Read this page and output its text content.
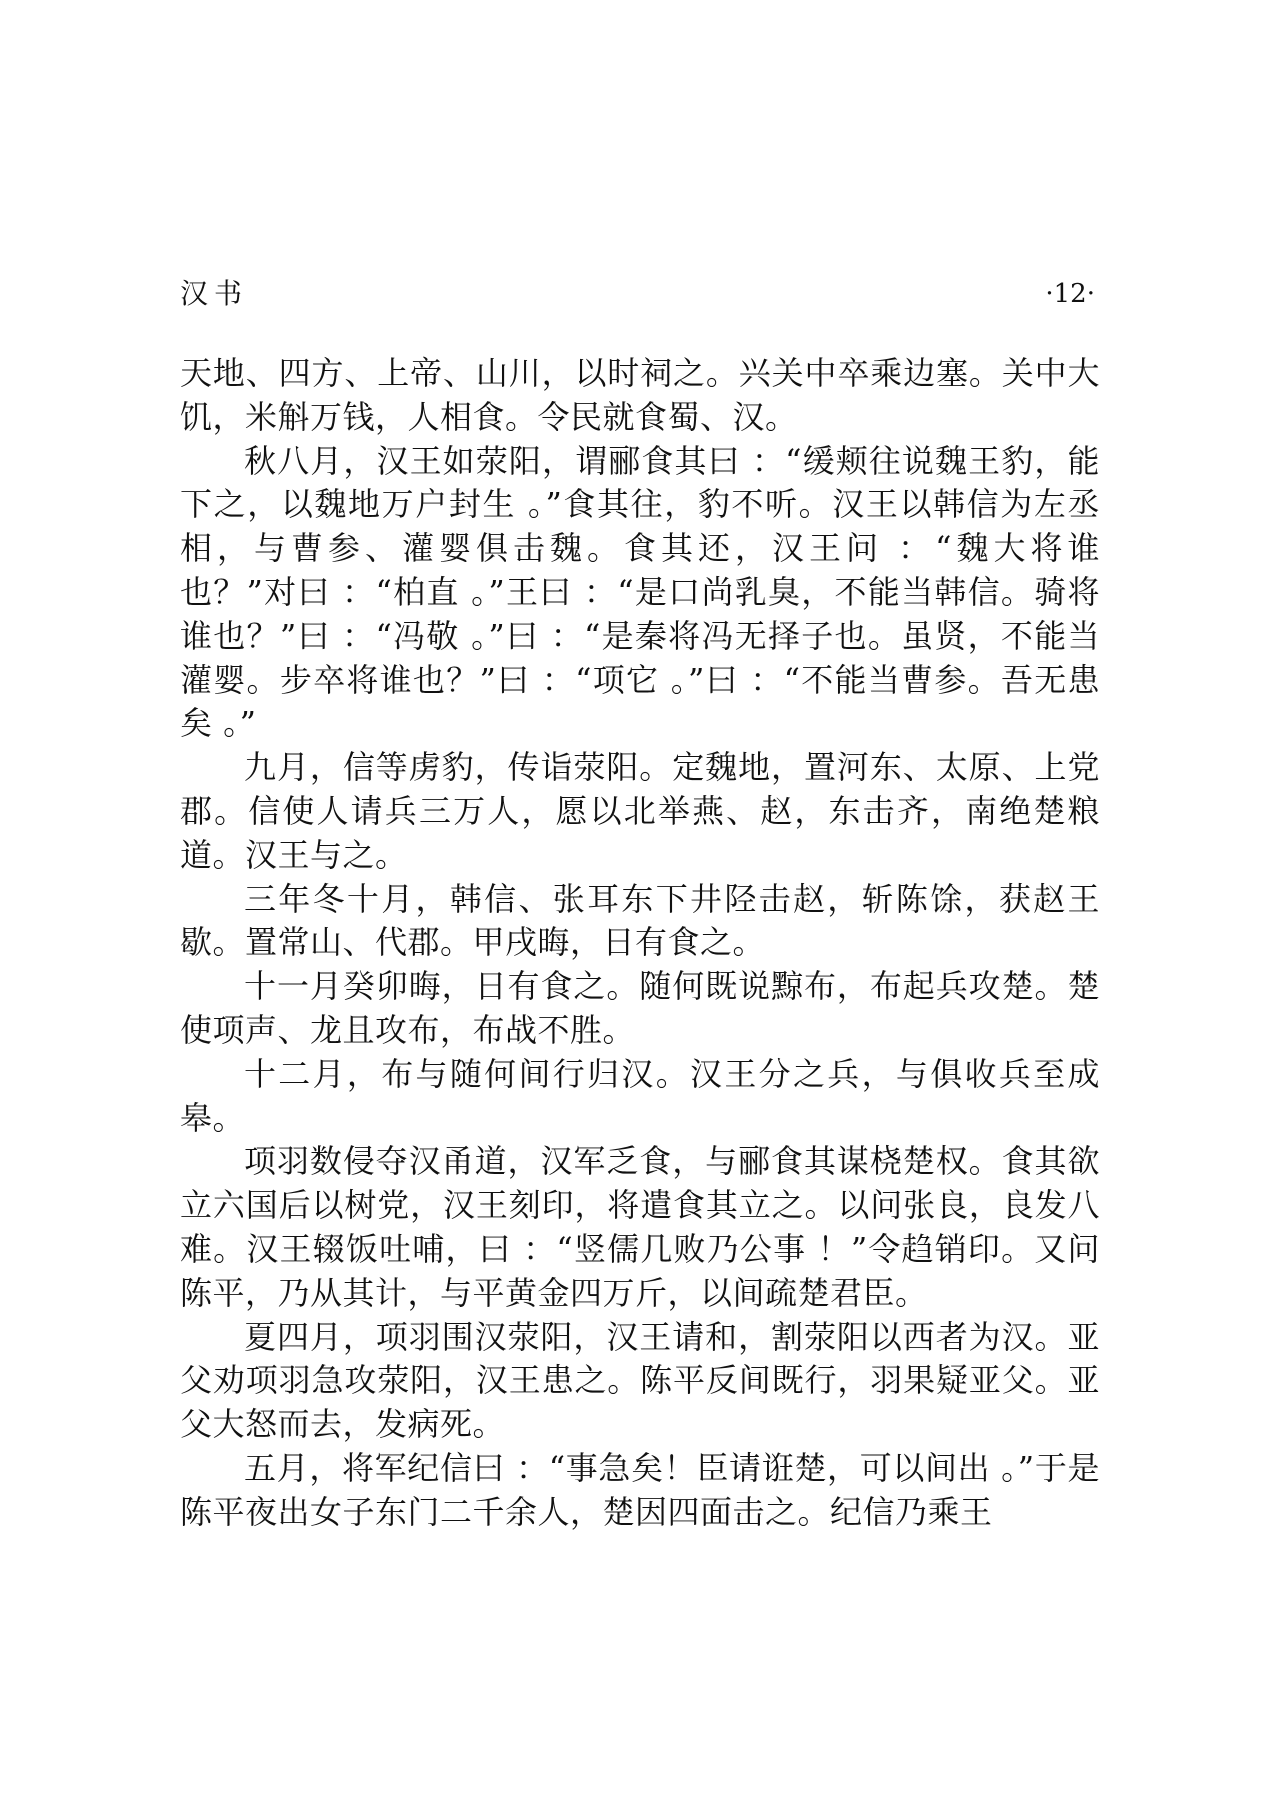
汉书	·12·

天地、四方、上帝、山川，以时祠之。兴关中卒乘边塞。关中大饥，米斛万钱，人相食。令民就食蜀、汉。

秋八月，汉王如荥阳，谓郦食其曰 ：“缓颊往说魏王豹，能下之，以魏地万户封生 。”食其往，豹不听。汉王以韩信为左丞相，与曹参、灌婴俱击魏。食其还，汉王问 ：“魏大将谁也？”对曰 ：“柏直 。”王曰 ：“是口尚乳臭，不能当韩信。骑将谁也？”曰 ：“冯敬 。”曰 ：“是秦将冯无择子也。虽贤，不能当灌婴。步卒将谁也？”曰 ：“项它 。”曰 ：“不能当曹参。吾无患矣 。”

九月，信等虏豹，传诣荥阳。定魏地，置河东、太原、上党郡。信使人请兵三万人，愿以北举燕、赵，东击齐，南绝楚粮道。汉王与之。

三年冬十月，韩信、张耳东下井陉击赵，斩陈馀，获赵王歇。置常山、代郡。甲戌晦，日有食之。

十一月癸卯晦，日有食之。随何既说黥布，布起兵攻楚。楚使项声、龙且攻布，布战不胜。

十二月，布与随何间行归汉。汉王分之兵，与俱收兵至成皋。

项羽数侵夺汉甬道，汉军乏食，与郦食其谋桡楚权。食其欲立六国后以树党，汉王刻印，将遣食其立之。以问张良，良发八难。汉王辍饭吐哺，曰 ：“竖儒几败乃公事 ！”令趋销印。又问陈平，乃从其计，与平黄金四万斤，以间疏楚君臣。

夏四月，项羽围汉荥阳，汉王请和，割荥阳以西者为汉。亚父劝项羽急攻荥阳，汉王患之。陈平反间既行，羽果疑亚父。亚父大怒而去，发病死。

五月，将军纪信曰 ：“事急矣！臣请诳楚，可以间出 。”于是陈平夜出女子东门二千余人，楚因四面击之。纪信乃乘王
